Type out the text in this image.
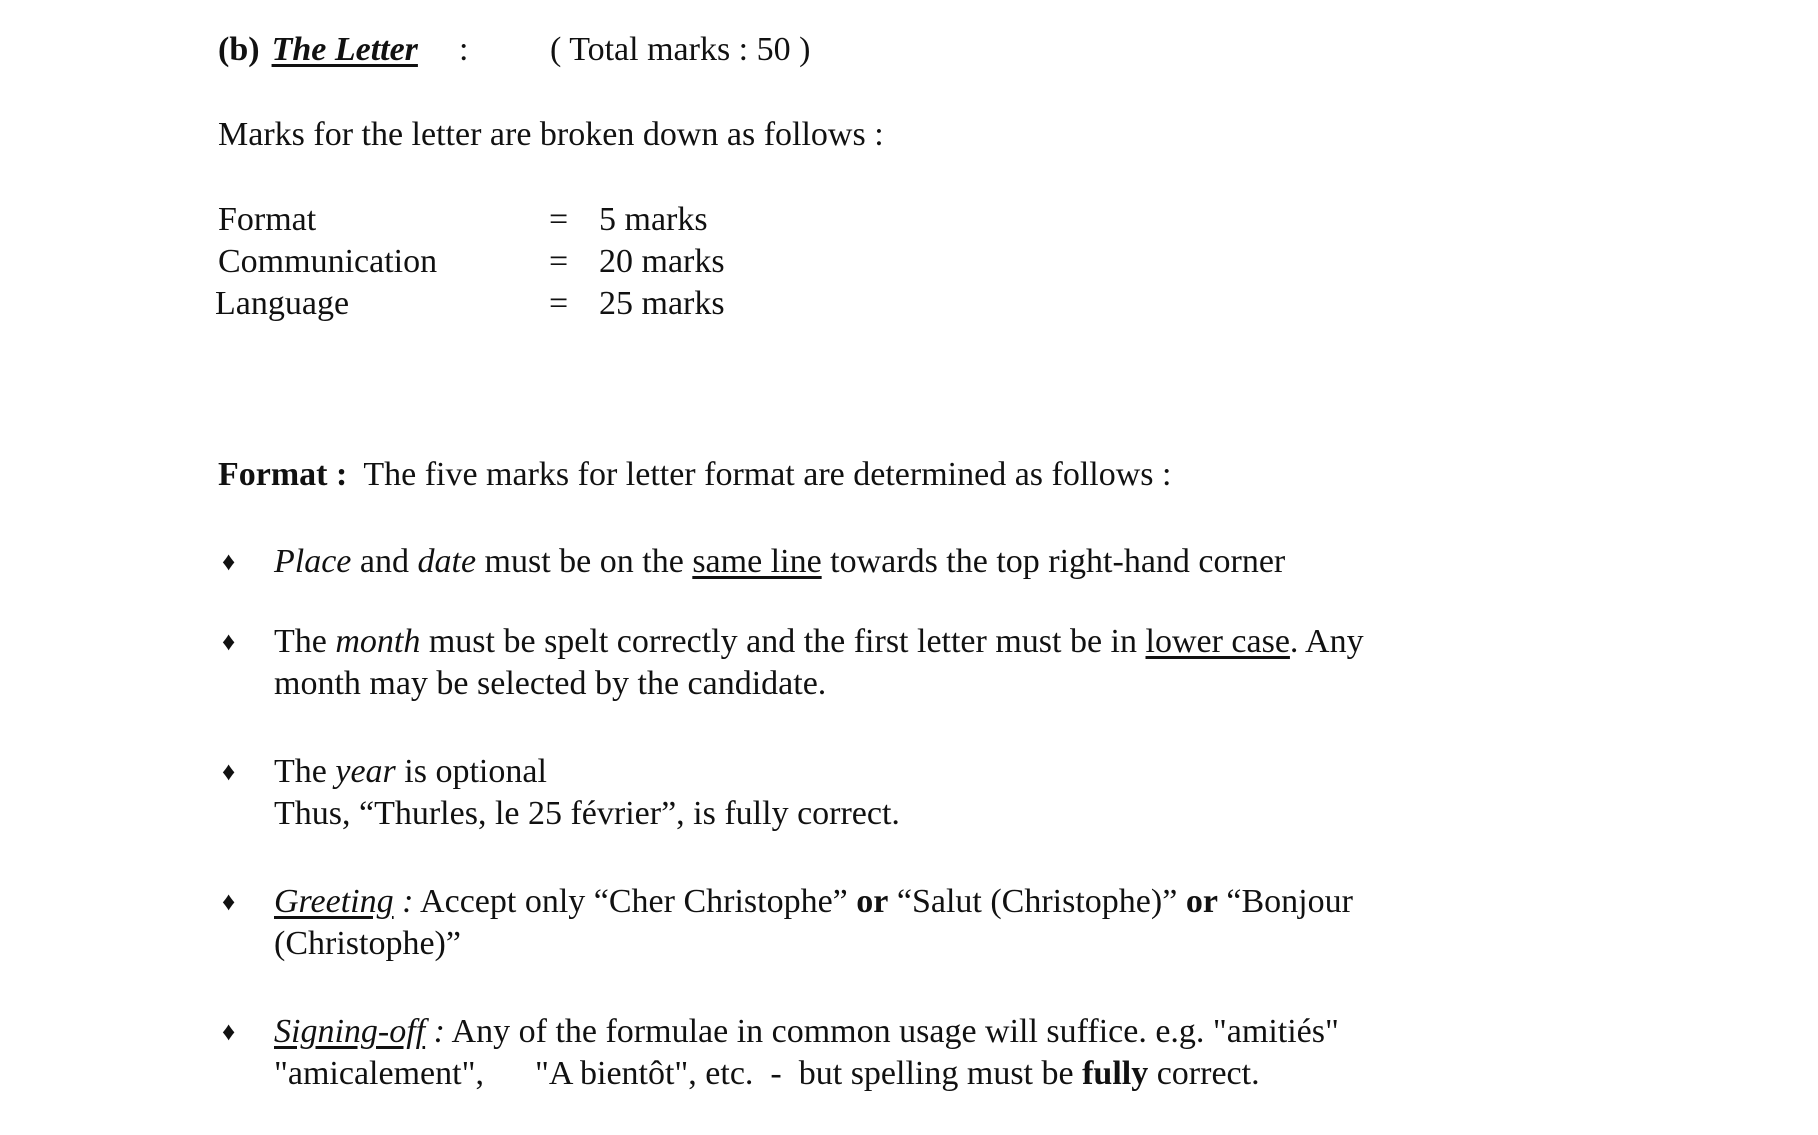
(b) The Letter : ( Total marks : 50 )
Marks for the letter are broken down as follows :
Format	= 5 marks
Communication	= 20 marks
Language	= 25 marks
Format : The five marks for letter format are determined as follows :
♦ Place and date must be on the same line towards the top right-hand corner
♦ The month must be spelt correctly and the first letter must be in lower case. Any
month may be selected by the candidate.
♦ The year is optional
Thus, “Thurles, le 25 février”, is fully correct.
♦ Greeting : Accept only “Cher Christophe” or “Salut (Christophe)” or “Bonjour
(Christophe)”
♦ Signing-off : Any of the formulae in common usage will suffice. e.g. "amitiés"
"amicalement",      "A bientôt", etc.  -  but spelling must be fully correct.
